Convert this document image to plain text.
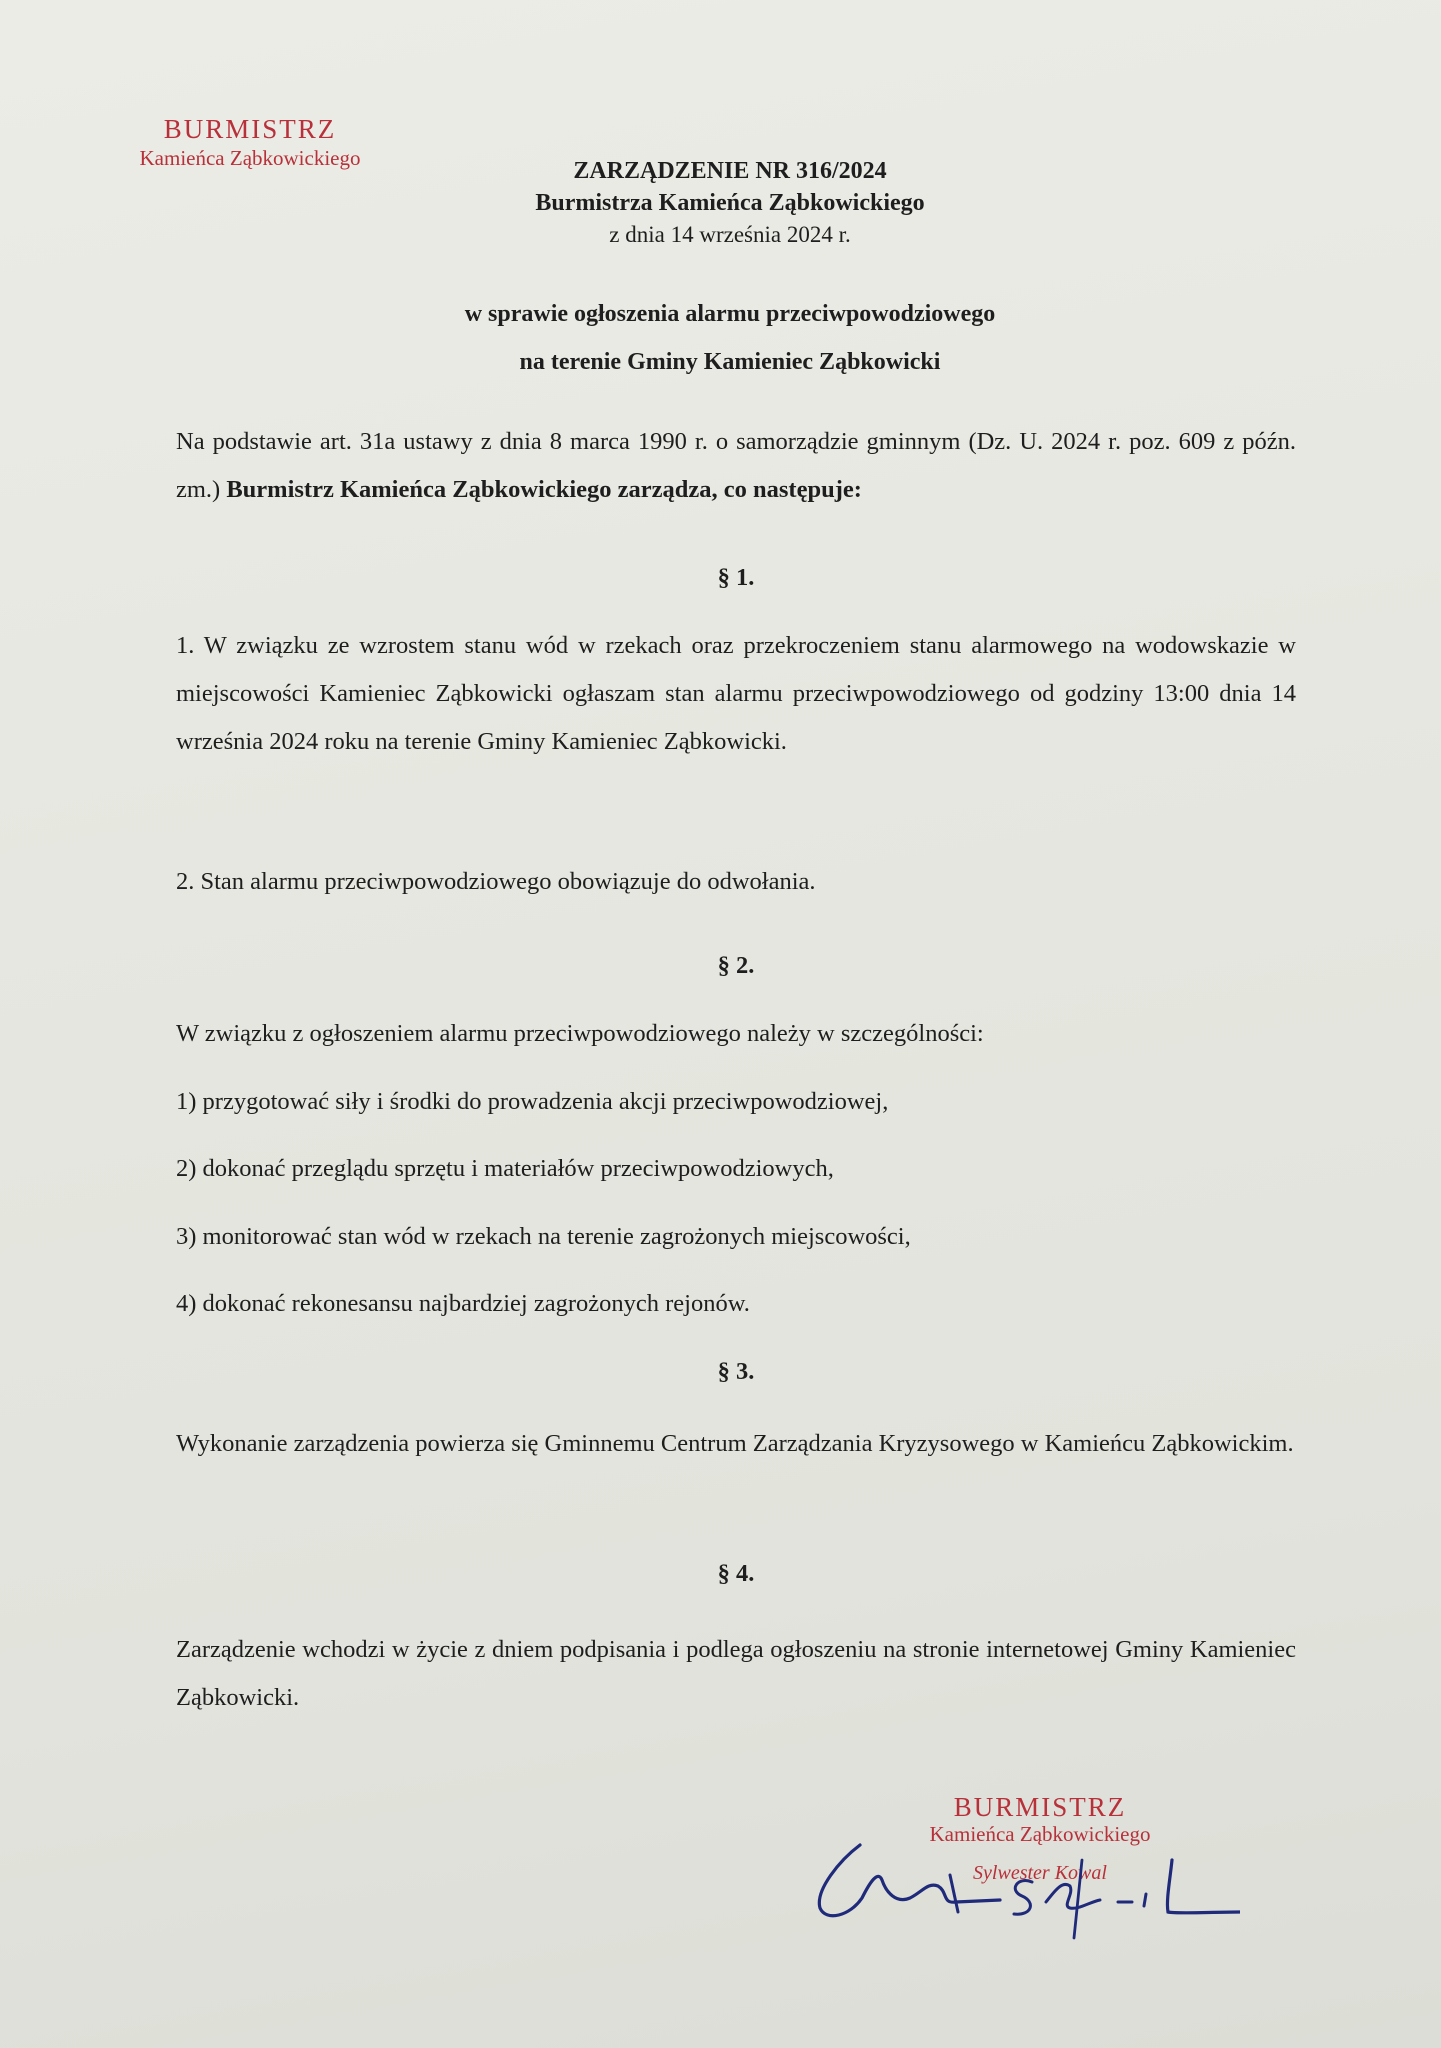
BURMISTRZ
Kamieńca Ząbkowickiego	ZARZĄDZENIE NR 316/2024
Burmistrza Kamieńca Ząbkowickiego
z dnia 14 września 2024 r.
w sprawie ogłoszenia alarmu przeciwpowodziowego
na terenie Gminy Kamieniec Ząbkowicki
Na podstawie art. 31a ustawy z dnia 8 marca 1990 r. o samorządzie gminnym (Dz. U. 2024 r. poz. 609 z późn. zm.) Burmistrz Kamieńca Ząbkowickiego zarządza, co następuje:
§ 1.
1. W związku ze wzrostem stanu wód w rzekach oraz przekroczeniem stanu alarmowego na wodowskazie w miejscowości Kamieniec Ząbkowicki ogłaszam stan alarmu przeciwpowodziowego od godziny 13:00 dnia 14 września 2024 roku na terenie Gminy Kamieniec Ząbkowicki.
2. Stan alarmu przeciwpowodziowego obowiązuje do odwołania.
§ 2.
W związku z ogłoszeniem alarmu przeciwpowodziowego należy w szczególności:
1) przygotować siły i środki do prowadzenia akcji przeciwpowodziowej,
2) dokonać przeglądu sprzętu i materiałów przeciwpowodziowych,
3) monitorować stan wód w rzekach na terenie zagrożonych miejscowości,
4) dokonać rekonesansu najbardziej zagrożonych rejonów.
§ 3.
Wykonanie zarządzenia powierza się Gminnemu Centrum Zarządzania Kryzysowego w Kamieńcu Ząbkowickim.
§ 4.
Zarządzenie wchodzi w życie z dniem podpisania i podlega ogłoszeniu na stronie internetowej Gminy Kamieniec Ząbkowicki.
BURMISTRZ
Kamieńca Ząbkowickiego
Sylwester Kowal
